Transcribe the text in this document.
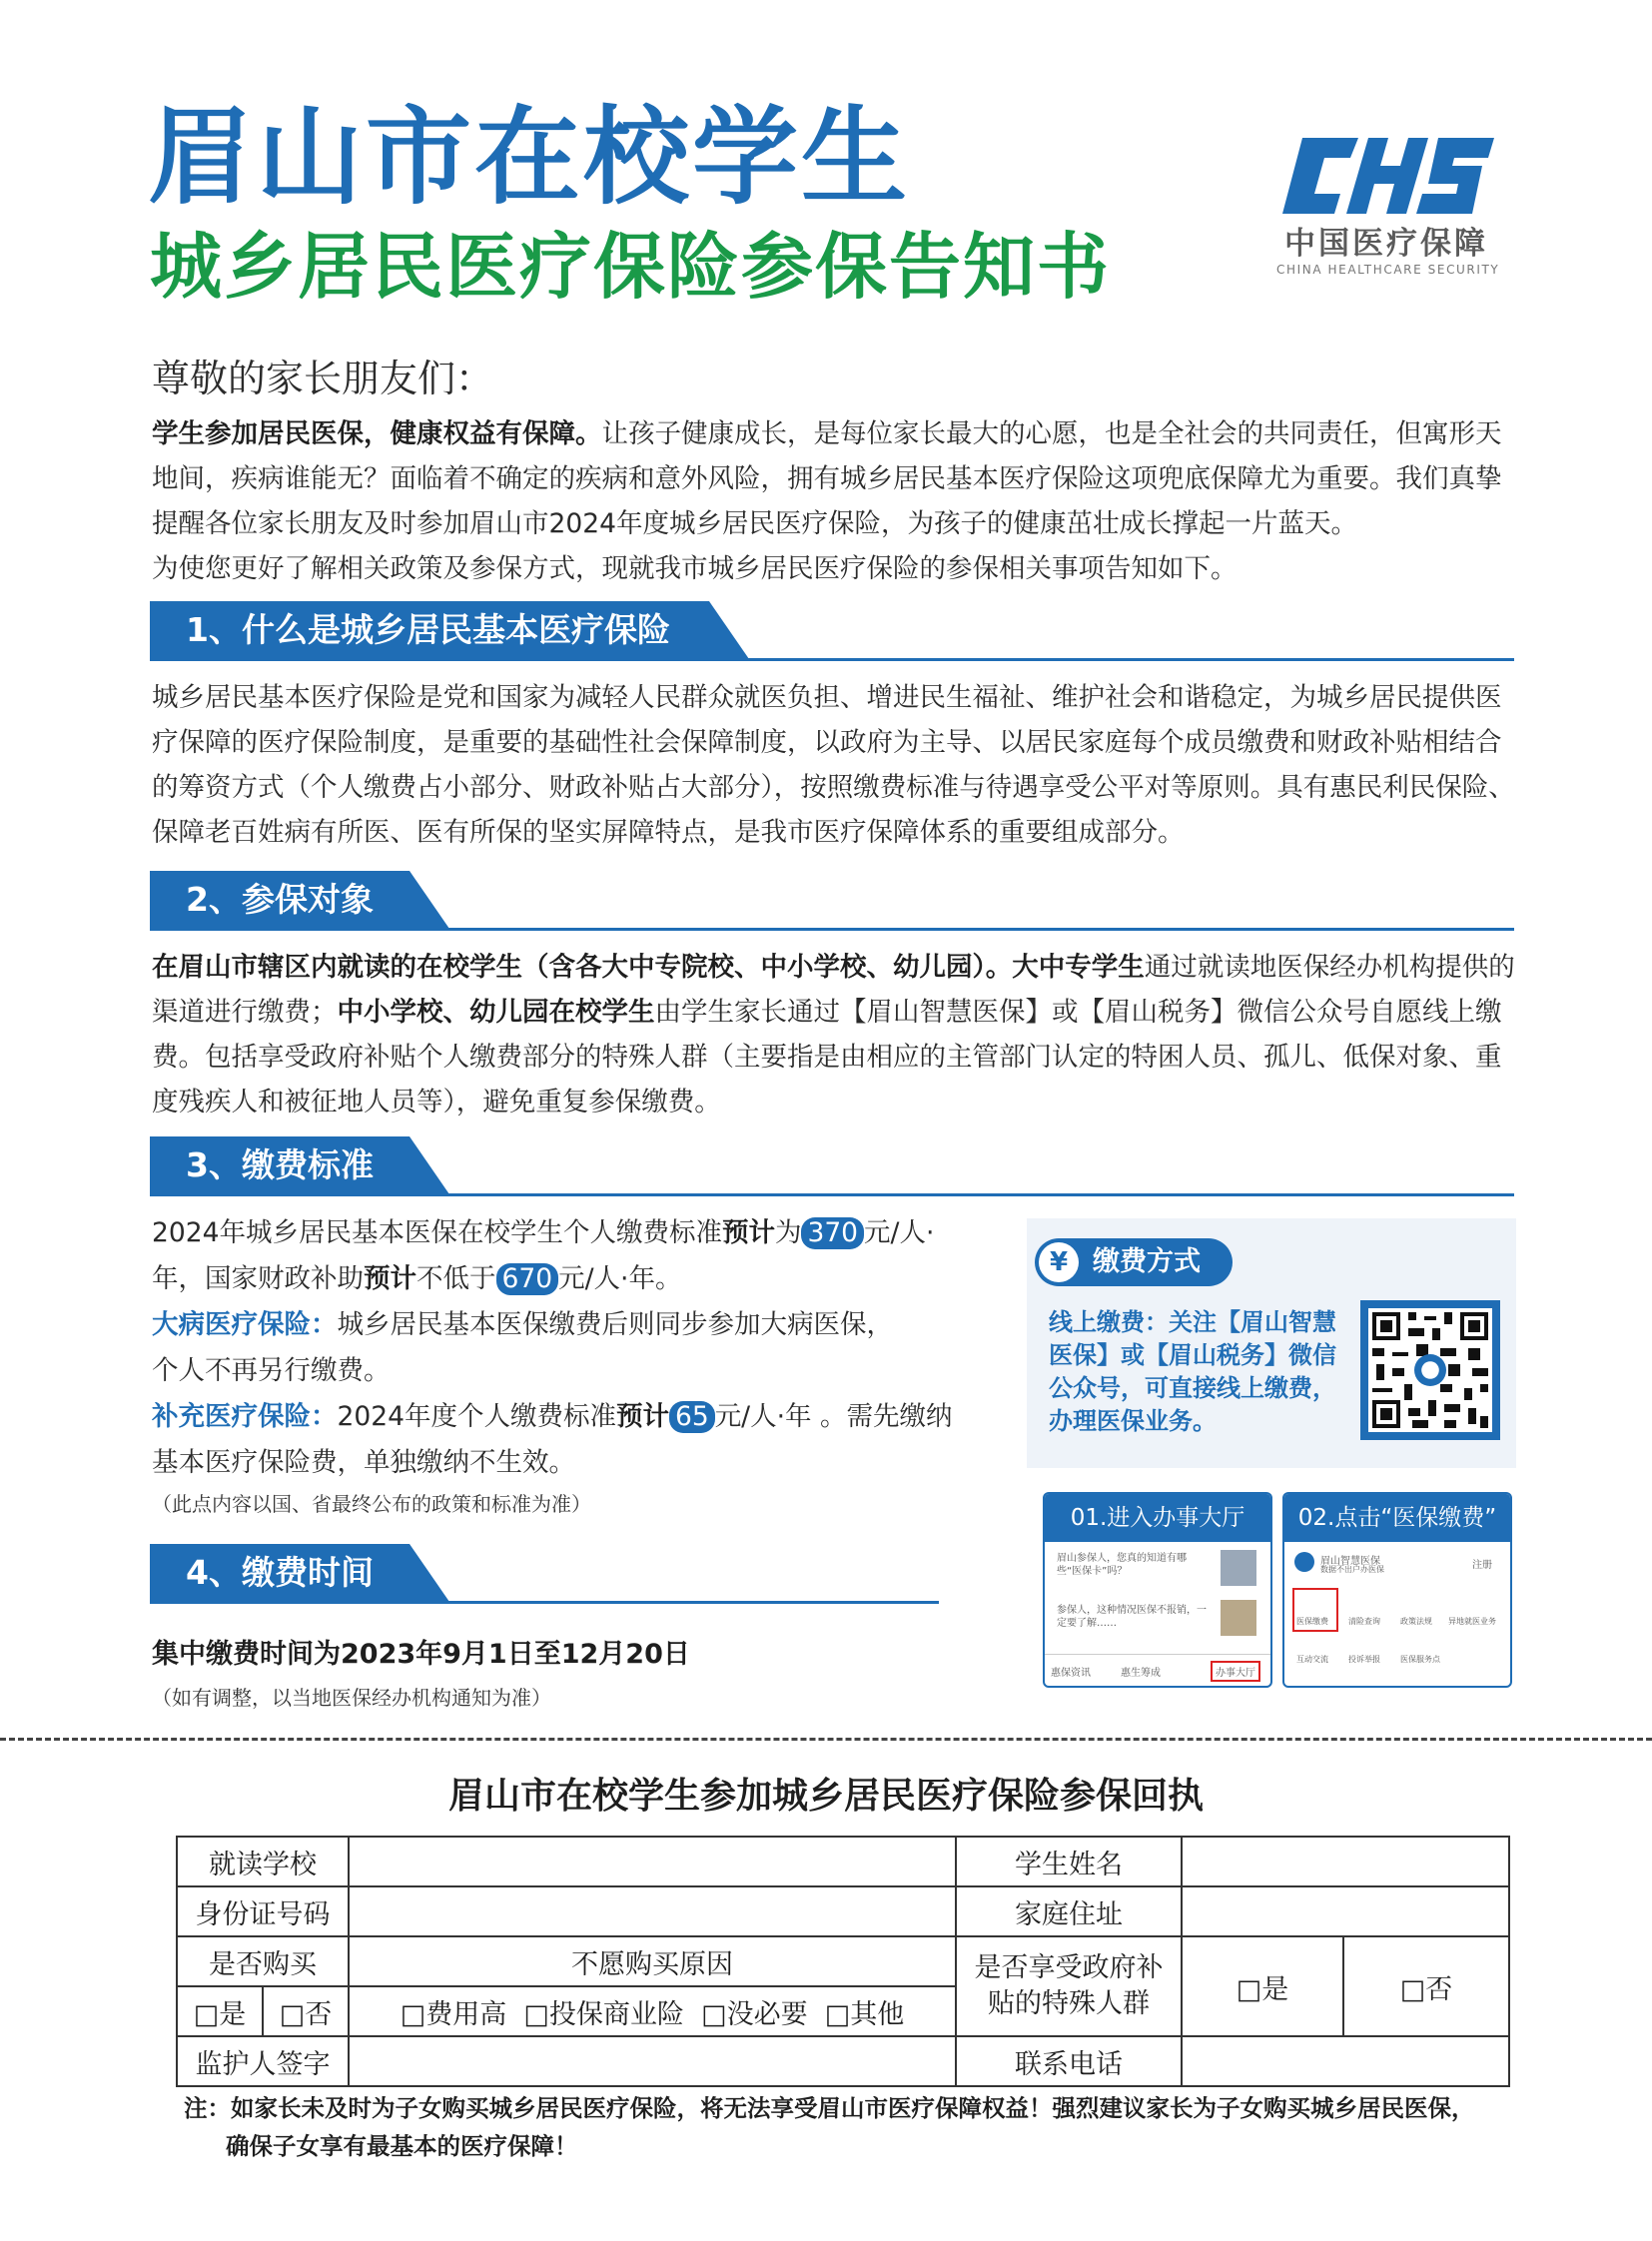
眉山市在校学生
城乡居民医疗保险参保告知书	中国医疗保障
CHINA HEALTHCARE SECURITY
尊敬的家长朋友们：
学生参加居民医保，健康权益有保障。让孩子健康成长，是每位家长最大的心愿，也是全社会的共同责任，但寓形天地间，疾病谁能无？面临着不确定的疾病和意外风险，拥有城乡居民基本医疗保险这项兜底保障尤为重要。我们真挚提醒各位家长朋友及时参加眉山市2024年度城乡居民医疗保险，为孩子的健康茁壮成长撑起一片蓝天。
为使您更好了解相关政策及参保方式，现就我市城乡居民医疗保险的参保相关事项告知如下。
1、什么是城乡居民基本医疗保险
城乡居民基本医疗保险是党和国家为减轻人民群众就医负担、增进民生福祉、维护社会和谐稳定，为城乡居民提供医疗保障的医疗保险制度，是重要的基础性社会保障制度，以政府为主导、以居民家庭每个成员缴费和财政补贴相结合的筹资方式（个人缴费占小部分、财政补贴占大部分），按照缴费标准与待遇享受公平对等原则。具有惠民利民保险、保障老百姓病有所医、医有所保的坚实屏障特点，是我市医疗保障体系的重要组成部分。
2、参保对象
在眉山市辖区内就读的在校学生（含各大中专院校、中小学校、幼儿园）。大中专学生通过就读地医保经办机构提供的渠道进行缴费；中小学校、幼儿园在校学生由学生家长通过【眉山智慧医保】或【眉山税务】微信公众号自愿线上缴费。包括享受政府补贴个人缴费部分的特殊人群（主要指是由相应的主管部门认定的特困人员、孤儿、低保对象、重度残疾人和被征地人员等），避免重复参保缴费。
3、缴费标准
2024年城乡居民基本医保在校学生个人缴费标准预计为 370 元/人·
年，国家财政补助预计不低于 670 元/人·年。
大病医疗保险：城乡居民基本医保缴费后则同步参加大病医保，
个人不再另行缴费。
补充医疗保险：2024年度个人缴费标准预计 65 元/人·年 。需先缴纳
基本医疗保险费，单独缴纳不生效。
（此点内容以国、省最终公布的政策和标准为准）
4、缴费时间
集中缴费时间为2023年9月1日至12月20日
（如有调整，以当地医保经办机构通知为准）
¥ 缴费方式
线上缴费：关注【眉山智慧医保】或【眉山税务】微信公众号，可直接线上缴费，办理医保业务。
01.进入办事大厅
眉山参保人，您真的知道有哪些“医保卡”吗？
参保人，这种情况医保不报销，一定要了解……
惠保资讯	惠生筹成	办事大厅
02.点击“医保缴费”
眉山智慧医保
数据不出户办医保	注册
医保缴费	清险查询	政策法规 异地就医业务
互动交流	投诉举报	医保服务点
眉山市在校学生参加城乡居民医疗保险参保回执
就读学校			学生姓名		
身份证号码			家庭住址		
是否购买		不愿购买原因	是否享受政府补贴的特殊人群	□是	□否
□是	□否	□费用高 □投保商业险 □没必要 □其他			
监护人签字			联系电话		
注：如家长未及时为子女购买城乡居民医疗保险，将无法享受眉山市医疗保障权益！强烈建议家长为子女购买城乡居民医保，
确保子女享有最基本的医疗保障！
